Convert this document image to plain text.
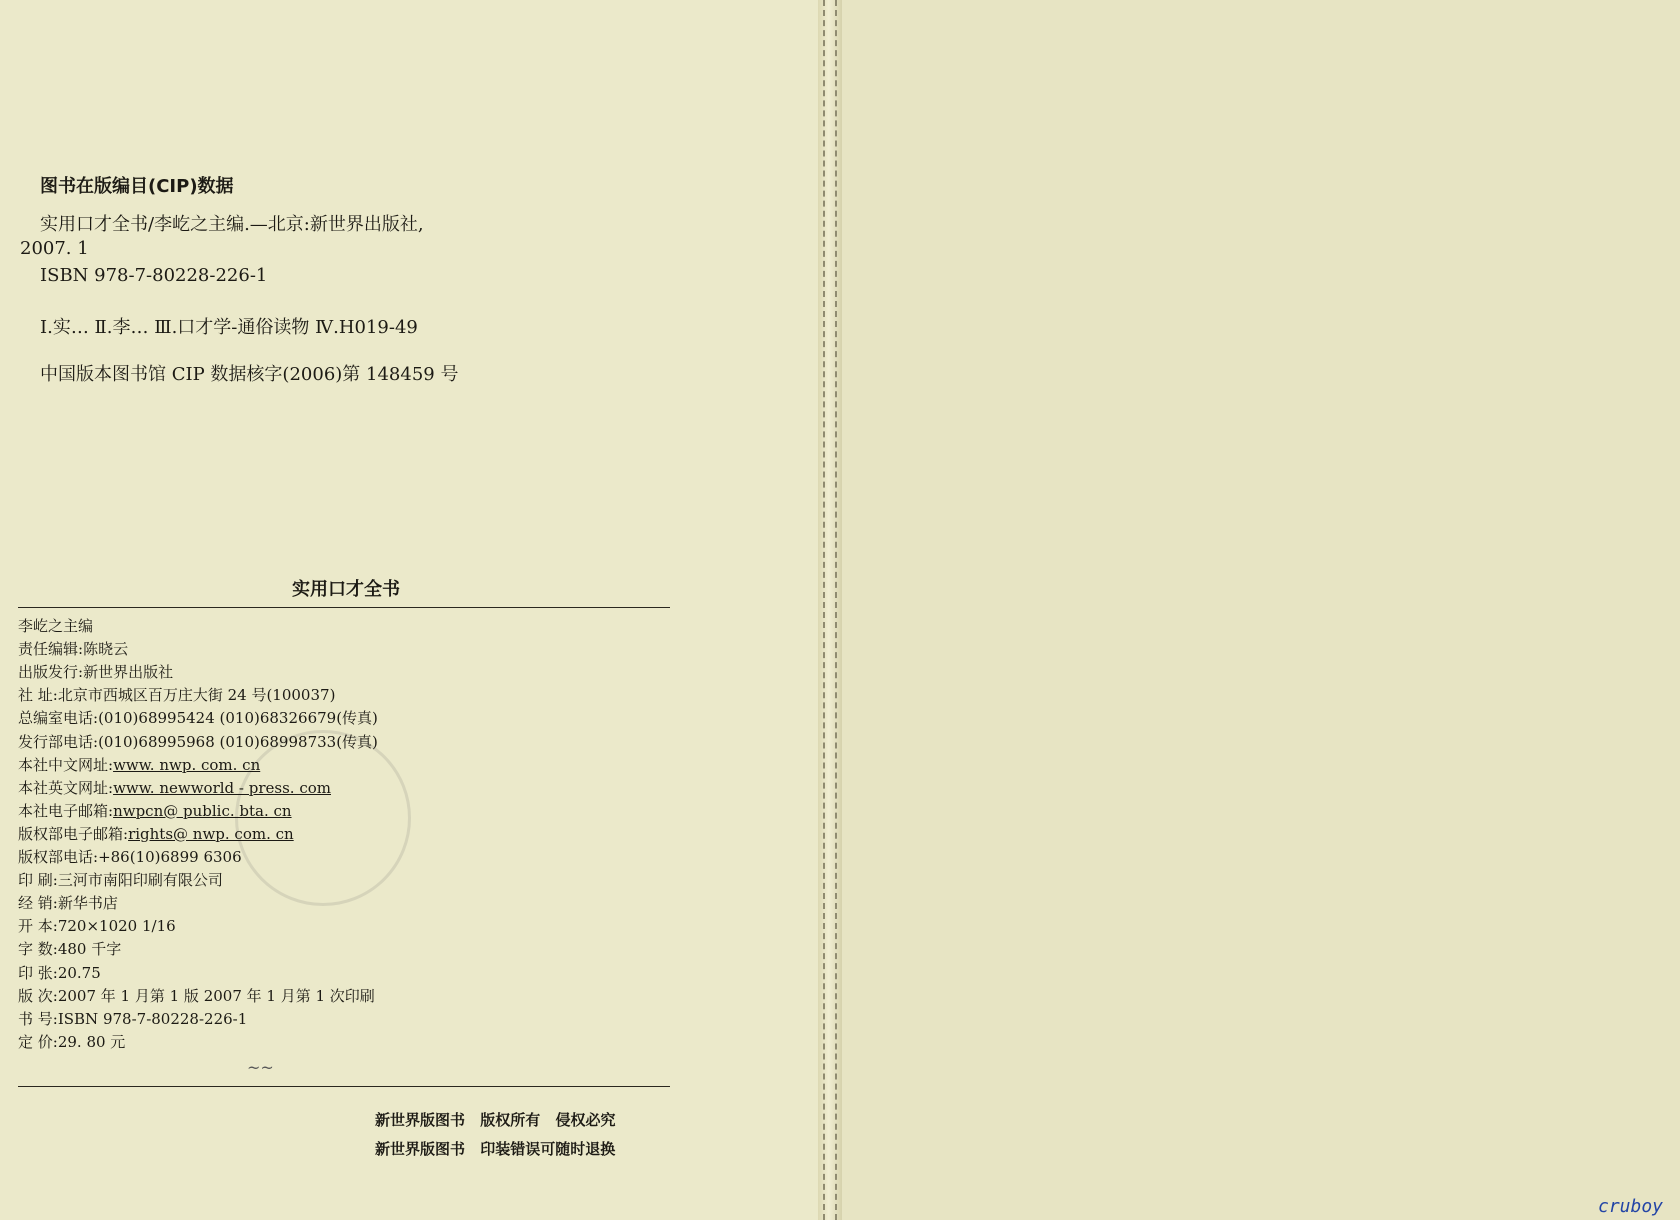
图书在版编目(CIP)数据
实用口才全书/李屹之主编.—北京:新世界出版社,
2007. 1
ISBN 978-7-80228-226-1
Ⅰ.实… Ⅱ.李… Ⅲ.口才学-通俗读物 Ⅳ.H019-49
中国版本图书馆 CIP 数据核字(2006)第 148459 号
实用口才全书
李屹之主编
责任编辑:陈晓云
出版发行:新世界出版社
社 址:北京市西城区百万庄大街 24 号(100037)
总编室电话:(010)68995424 (010)68326679(传真)
发行部电话:(010)68995968 (010)68998733(传真)
本社中文网址:www. nwp. com. cn
本社英文网址:www. newworld - press. com
本社电子邮箱:nwpcn@ public. bta. cn
版权部电子邮箱:rights@ nwp. com. cn
版权部电话:+86(10)6899 6306
印 刷:三河市南阳印刷有限公司
经 销:新华书店
开 本:720×1020 1/16
字 数:480 千字
印 张:20.75
版 次:2007 年 1 月第 1 版 2007 年 1 月第 1 次印刷
书 号:ISBN 978-7-80228-226-1
定 价:29. 80 元
~~
新世界版图书 版权所有 侵权必究
新世界版图书 印装错误可随时退换
cruboy
